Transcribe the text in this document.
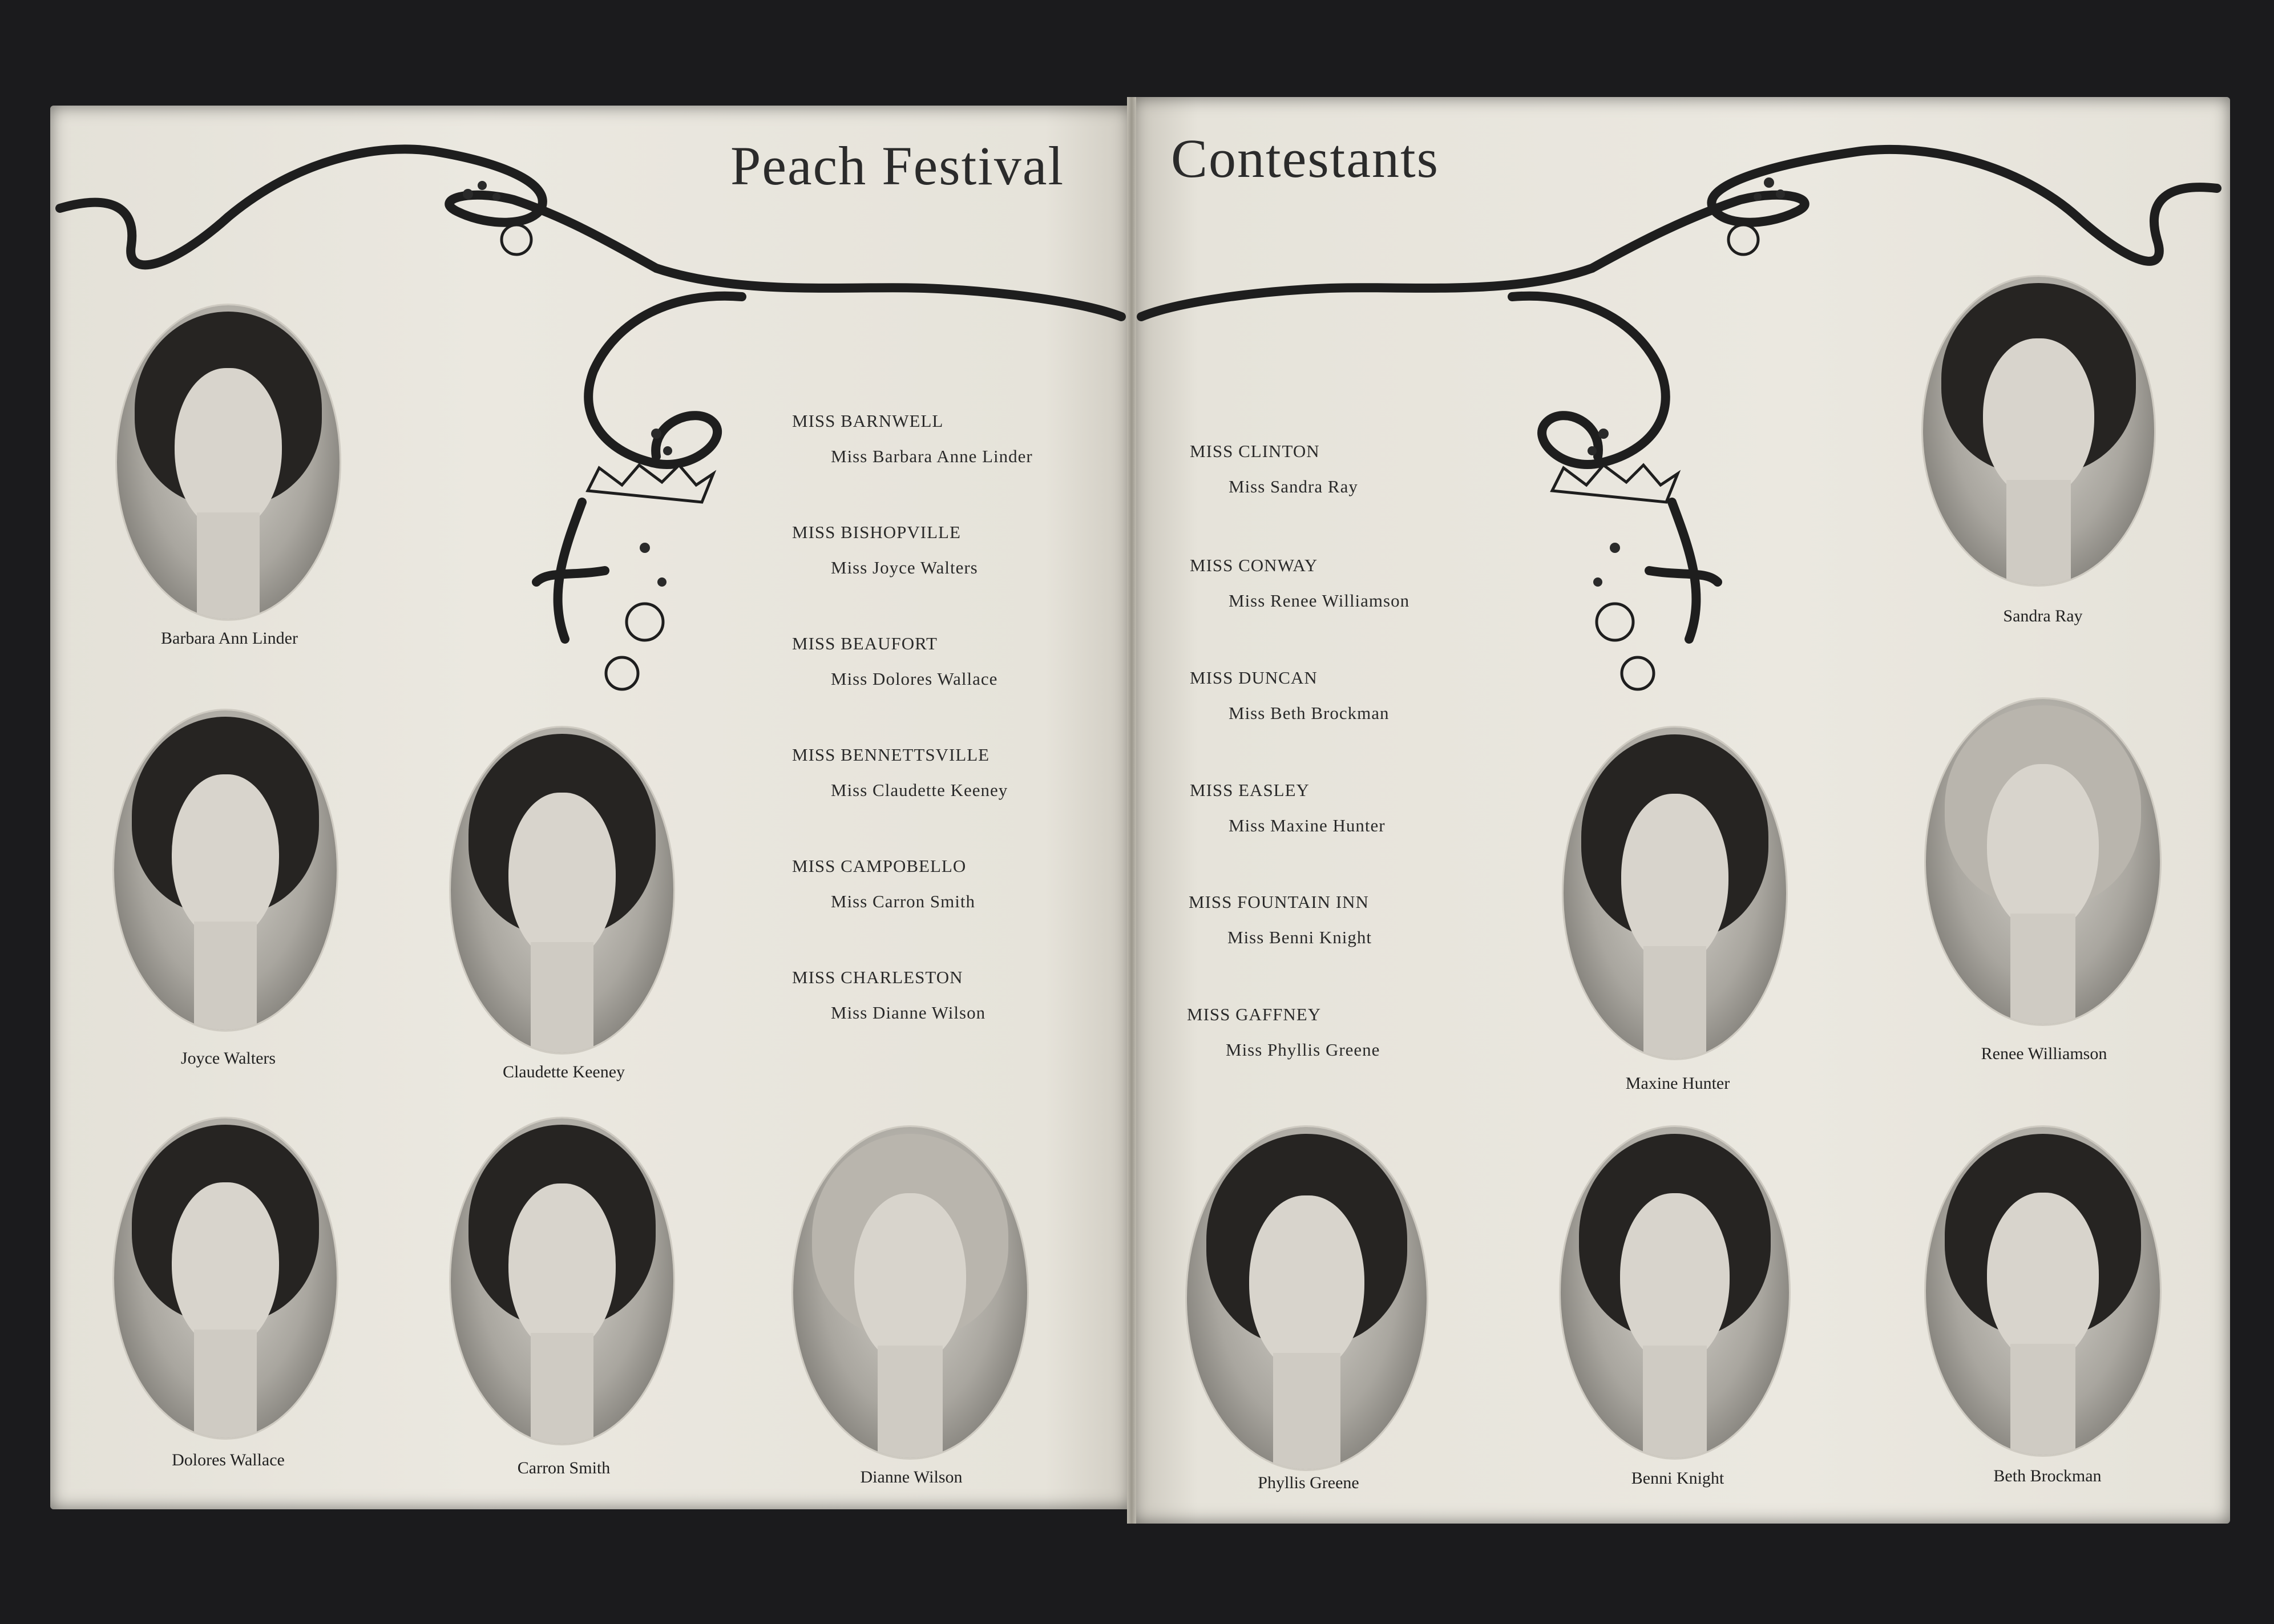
Peach Festival Contestants
Barbara Ann Linder
Joyce Walters
Claudette Keeney
Dolores Wallace	Carron Smith	Dianne Wilson
MISS BARNWELL
Miss Barbara Anne Linder
MISS BISHOPVILLE
Miss Joyce Walters
MISS BEAUFORT
Miss Dolores Wallace
MISS BENNETTSVILLE
Miss Claudette Keeney
MISS CAMPOBELLO
Miss Carron Smith
MISS CHARLESTON
Miss Dianne Wilson
MISS CLINTON
Miss Sandra Ray
MISS CONWAY
Miss Renee Williamson
MISS DUNCAN
Miss Beth Brockman
MISS EASLEY
Miss Maxine Hunter
MISS FOUNTAIN INN
Miss Benni Knight
MISS GAFFNEY
Miss Phyllis Greene
Sandra Ray
Maxine Hunter
Renee Williamson
Phyllis Greene	Benni Knight	Beth Brockman
